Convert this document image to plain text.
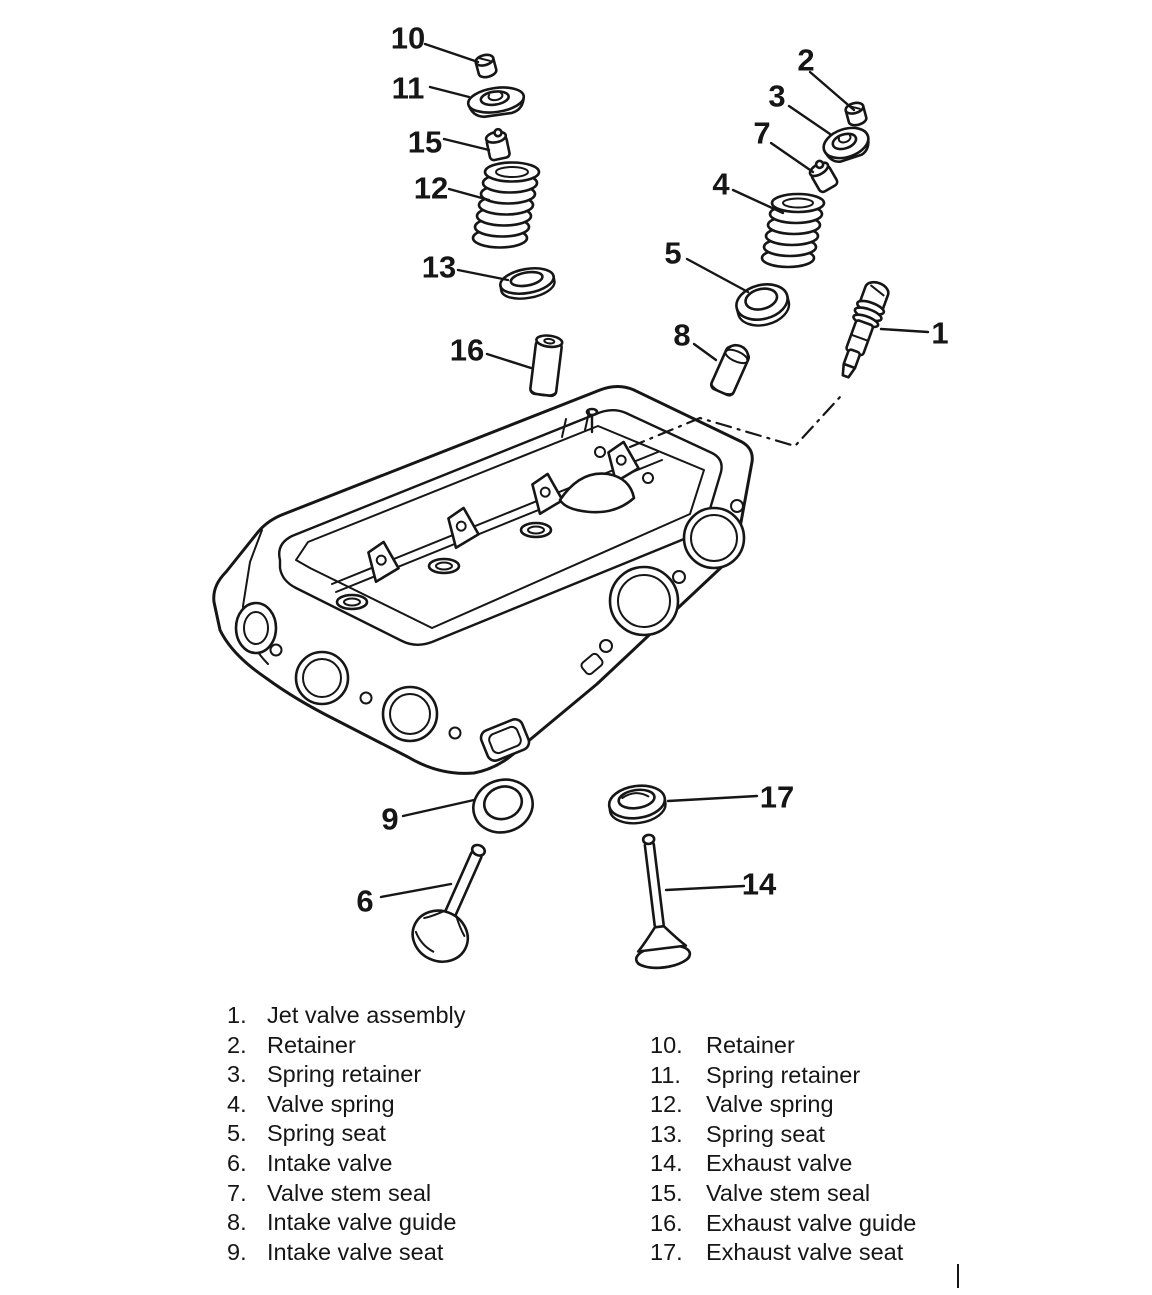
1
2
3
4
5
6
7
8
9
10
11
12
13
14
15
16
17
1. Jet valve assembly
2. Retainer
3. Spring retainer
4. Valve spring
5. Spring seat
6. Intake valve
7. Valve stem seal
8. Intake valve guide
9. Intake valve seat
10. Retainer
11. Spring retainer
12. Valve spring
13. Spring seat
14. Exhaust valve
15. Valve stem seal
16. Exhaust valve guide
17. Exhaust valve seat
